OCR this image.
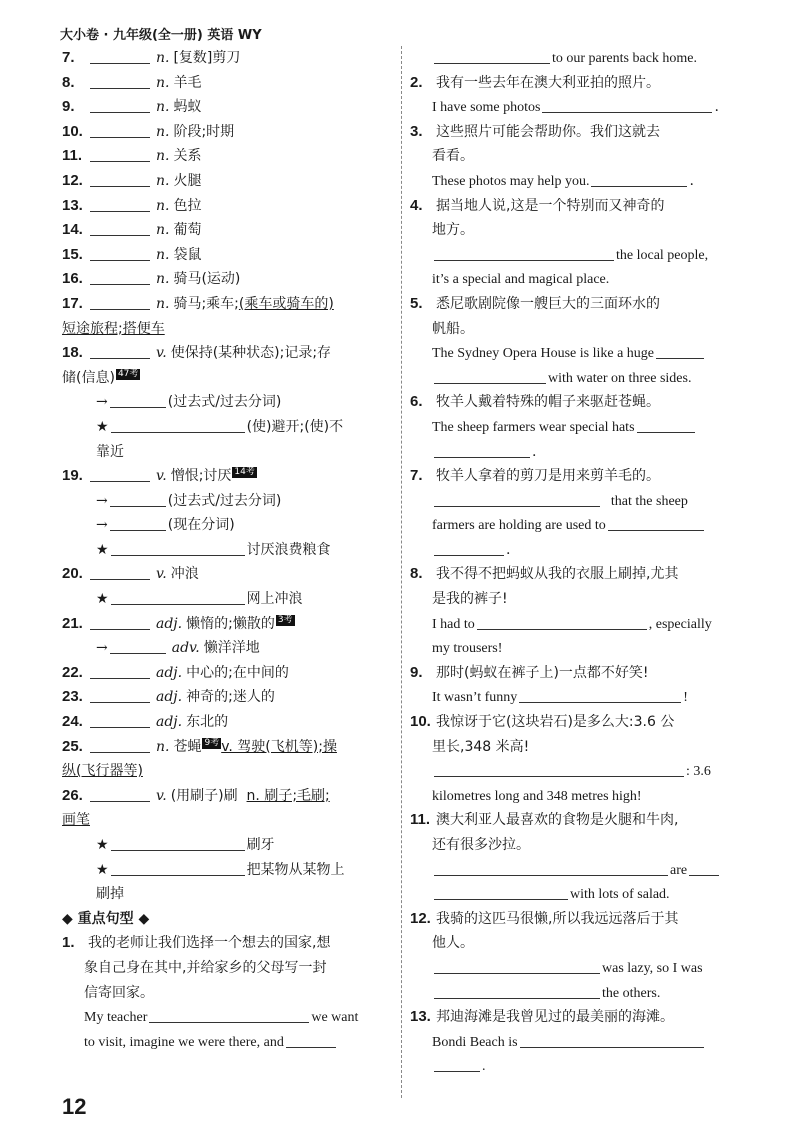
大小卷 · 九年级(全一册) 英语 WY
7.	n. [复数]剪刀
8.	n. 羊毛
9.	n. 蚂蚁
10.	n. 阶段;时期
11.	n. 关系
12.	n. 火腿
13.	n. 色拉
14.	n. 葡萄
15.	n. 袋鼠
16.	n. 骑马(运动)
17.	n. 骑马;乘车;(乘车或骑车的)
短途旅程;搭便车
18.	v. 使保持(某种状态);记录;存
储(信息) 47考
→	(过去式/过去分词)
★	(使)避开;(使)不
靠近
19.	v. 憎恨;讨厌 14考
→	(过去式/过去分词)
→	(现在分词)
★	讨厌浪费粮食
20.	v. 冲浪
★	网上冲浪
21.	adj. 懒惰的;懒散的 3考
→	adv. 懒洋洋地
22.	adj. 中心的;在中间的
23.	adj. 神奇的;迷人的
24.	adj. 东北的
25.	n. 苍蝇 9考 v. 驾驶(飞机等);操
纵(飞行器等)
26.	v. (用刷子)刷 n. 刷子;毛刷;
画笔
★	刷牙
★	把某物从某物上
刷掉
◆ 重点句型 ◆
1. 我的老师让我们选择一个想去的国家,想
象自己身在其中,并给家乡的父母写一封
信寄回家。
My teacher	we want
to visit, imagine we were there, and
to our parents back home.
2. 我有一些去年在澳大利亚拍的照片。
I have some photos	.
3. 这些照片可能会帮助你。我们这就去
看看。
These photos may help you.	.
4. 据当地人说,这是一个特别而又神奇的
地方。
the local people,
it’s a special and magical place.
5. 悉尼歌剧院像一艘巨大的三面环水的
帆船。
The Sydney Opera House is like a huge
with water on three sides.
6. 牧羊人戴着特殊的帽子来驱赶苍蝇。
The sheep farmers wear special hats
.
7. 牧羊人拿着的剪刀是用来剪羊毛的。
that the sheep
farmers are holding are used to
.
8. 我不得不把蚂蚁从我的衣服上刷掉,尤其
是我的裤子!
I had to	, especially
my trousers!
9. 那时(蚂蚁在裤子上)一点都不好笑!
It wasn’t funny	!
10. 我惊讶于它(这块岩石)是多么大:3.6 公
里长,348 米高!
: 3.6
kilometres long and 348 metres high!
11. 澳大利亚人最喜欢的食物是火腿和牛肉,
还有很多沙拉。
are
with lots of salad.
12. 我骑的这匹马很懒,所以我远远落后于其
他人。
was lazy, so I was
the others.
13. 邦迪海滩是我曾见过的最美丽的海滩。
Bondi Beach is
.
12
